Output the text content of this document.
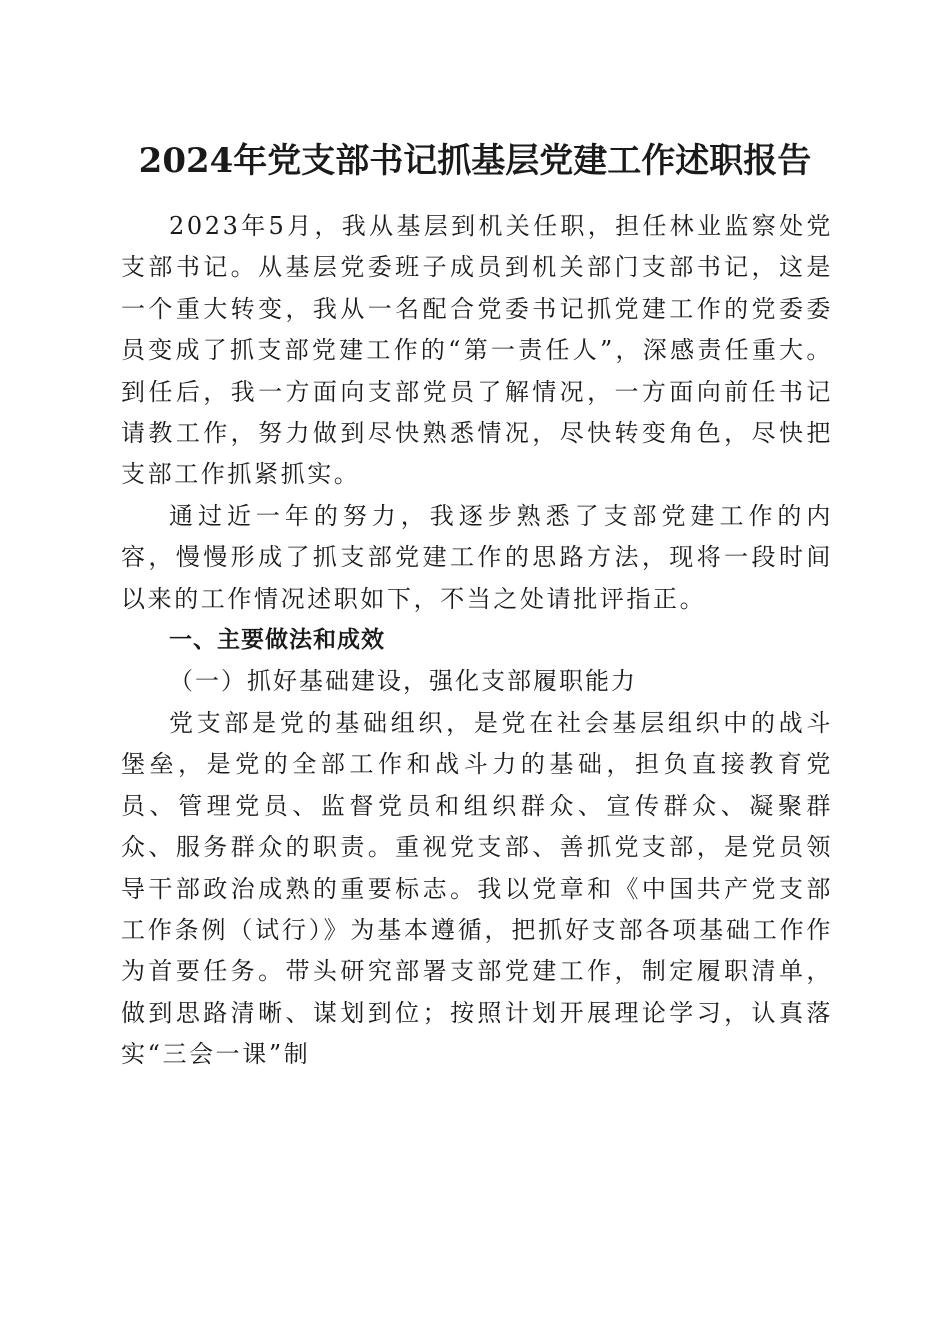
2024年党支部书记抓基层党建工作述职报告

2023年5月，我从基层到机关任职，担任林业监察处党支部书记。从基层党委班子成员到机关部门支部书记，这是一个重大转变，我从一名配合党委书记抓党建工作的党委委员变成了抓支部党建工作的“第一责任人”，深感责任重大。到任后，我一方面向支部党员了解情况，一方面向前任书记请教工作，努力做到尽快熟悉情况，尽快转变角色，尽快把支部工作抓紧抓实。

通过近一年的努力，我逐步熟悉了支部党建工作的内容，慢慢形成了抓支部党建工作的思路方法，现将一段时间以来的工作情况述职如下，不当之处请批评指正。

一、主要做法和成效

（一）抓好基础建设，强化支部履职能力

党支部是党的基础组织，是党在社会基层组织中的战斗堡垒，是党的全部工作和战斗力的基础，担负直接教育党员、管理党员、监督党员和组织群众、宣传群众、凝聚群众、服务群众的职责。重视党支部、善抓党支部，是党员领导干部政治成熟的重要标志。我以党章和《中国共产党支部工作条例（试行）》为基本遵循，把抓好支部各项基础工作作为首要任务。带头研究部署支部党建工作，制定履职清单，做到思路清晰、谋划到位；按照计划开展理论学习，认真落实“三会一课”制
